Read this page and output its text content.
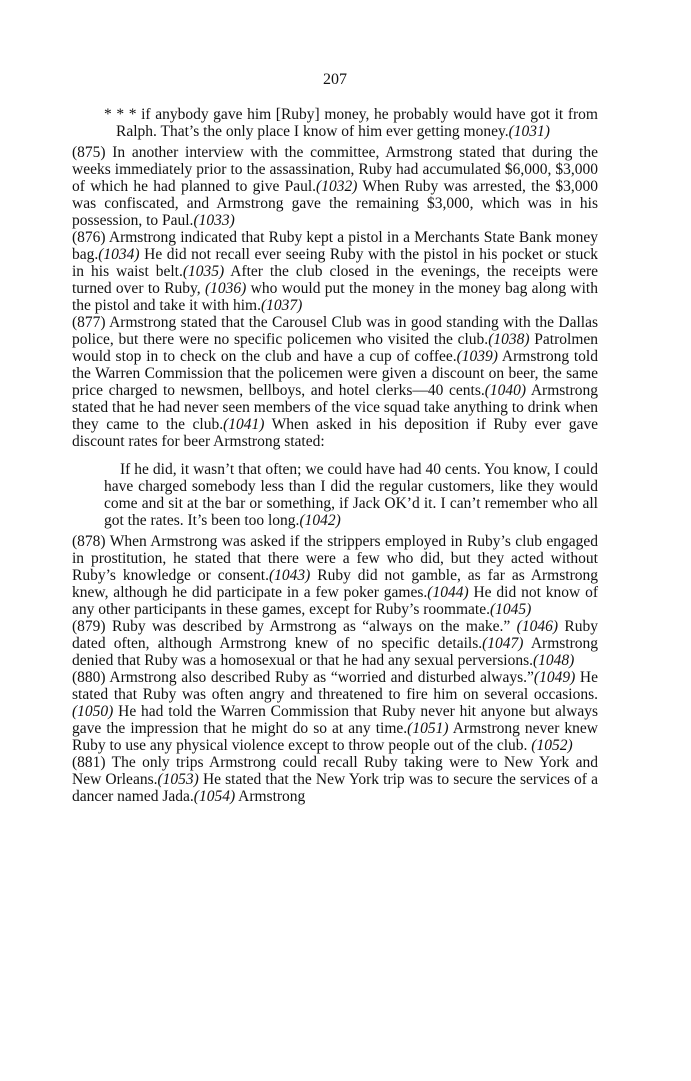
207

* * * if anybody gave him [Ruby] money, he probably would have got it from Ralph. That’s the only place I know of him ever getting money.(1031)

(875) In another interview with the committee, Armstrong stated that during the weeks immediately prior to the assassination, Ruby had accumulated $6,000, $3,000 of which he had planned to give Paul.(1032) When Ruby was arrested, the $3,000 was confiscated, and Armstrong gave the remaining $3,000, which was in his possession, to Paul.(1033)

(876) Armstrong indicated that Ruby kept a pistol in a Merchants State Bank money bag.(1034) He did not recall ever seeing Ruby with the pistol in his pocket or stuck in his waist belt.(1035) After the club closed in the evenings, the receipts were turned over to Ruby, (1036) who would put the money in the money bag along with the pistol and take it with him.(1037)

(877) Armstrong stated that the Carousel Club was in good standing with the Dallas police, but there were no specific policemen who visited the club.(1038) Patrolmen would stop in to check on the club and have a cup of coffee.(1039) Armstrong told the Warren Commission that the policemen were given a discount on beer, the same price charged to newsmen, bellboys, and hotel clerks—40 cents.(1040) Armstrong stated that he had never seen members of the vice squad take anything to drink when they came to the club.(1041) When asked in his deposition if Ruby ever gave discount rates for beer Armstrong stated:

If he did, it wasn’t that often; we could have had 40 cents. You know, I could have charged somebody less than I did the regular customers, like they would come and sit at the bar or something, if Jack OK’d it. I can’t remember who all got the rates. It’s been too long.(1042)

(878) When Armstrong was asked if the strippers employed in Ruby’s club engaged in prostitution, he stated that there were a few who did, but they acted without Ruby’s knowledge or consent.(1043) Ruby did not gamble, as far as Armstrong knew, although he did participate in a few poker games.(1044) He did not know of any other participants in these games, except for Ruby’s roommate.(1045)

(879) Ruby was described by Armstrong as “always on the make.” (1046) Ruby dated often, although Armstrong knew of no specific details.(1047) Armstrong denied that Ruby was a homosexual or that he had any sexual perversions.(1048)

(880) Armstrong also described Ruby as “worried and disturbed always.”(1049) He stated that Ruby was often angry and threatened to fire him on several occasions.(1050) He had told the Warren Commission that Ruby never hit anyone but always gave the impression that he might do so at any time.(1051) Armstrong never knew Ruby to use any physical violence except to throw people out of the club. (1052)

(881) The only trips Armstrong could recall Ruby taking were to New York and New Orleans.(1053) He stated that the New York trip was to secure the services of a dancer named Jada.(1054) Armstrong
